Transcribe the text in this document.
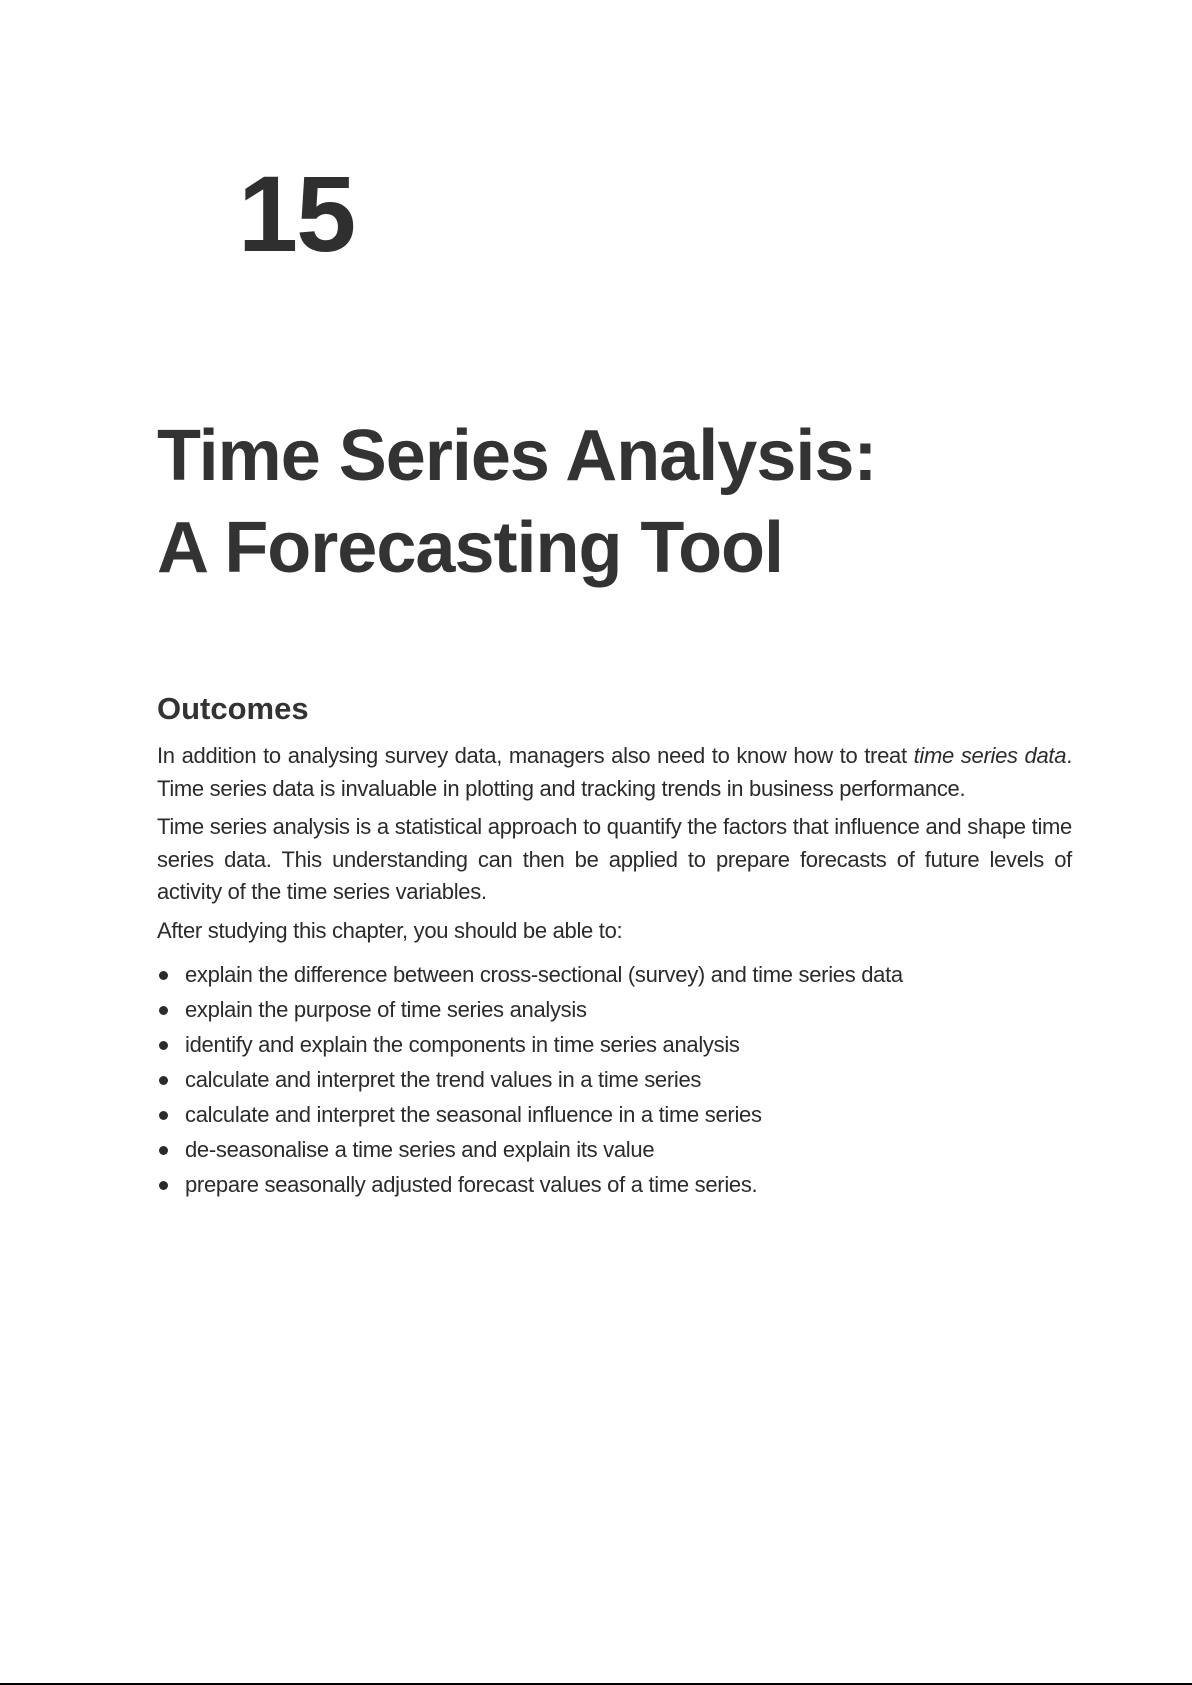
15
Time Series Analysis:
A Forecasting Tool
Outcomes

In addition to analysing survey data, managers also need to know how to treat time series data. Time series data is invaluable in plotting and tracking trends in business performance.

Time series analysis is a statistical approach to quantify the factors that influence and shape time series data. This understanding can then be applied to prepare forecasts of future levels of activity of the time series variables.

After studying this chapter, you should be able to:

explain the difference between cross-sectional (survey) and time series data
explain the purpose of time series analysis
identify and explain the components in time series analysis
calculate and interpret the trend values in a time series
calculate and interpret the seasonal influence in a time series
de-seasonalise a time series and explain its value
prepare seasonally adjusted forecast values of a time series.
